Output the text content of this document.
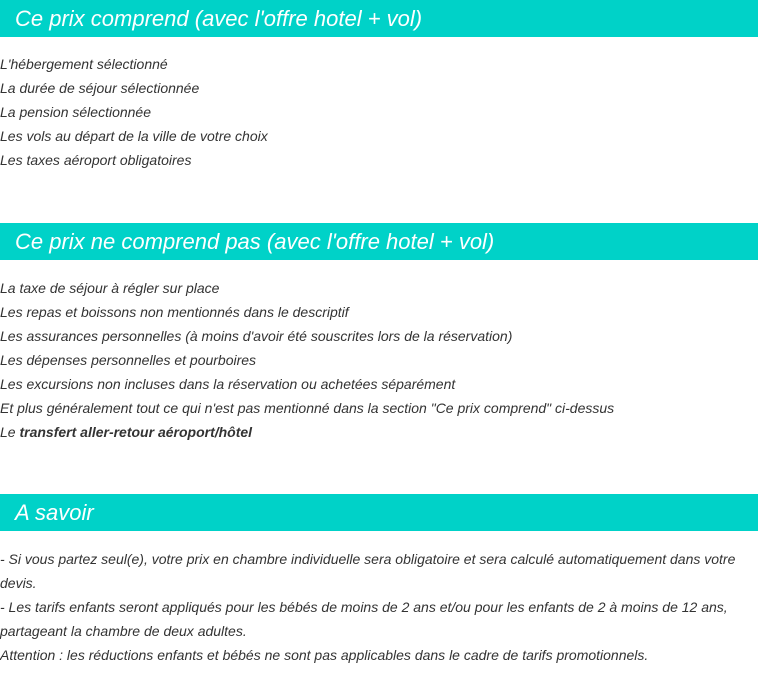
Ce prix comprend (avec l'offre hotel + vol)
L'hébergement sélectionné
La durée de séjour sélectionnée
La pension sélectionnée
Les vols au départ de la ville de votre choix
Les taxes aéroport obligatoires
Ce prix ne comprend pas (avec l'offre hotel + vol)
La taxe de séjour à régler sur place
Les repas et boissons non mentionnés dans le descriptif
Les assurances personnelles (à moins d'avoir été souscrites lors de la réservation)
Les dépenses personnelles et pourboires
Les excursions non incluses dans la réservation ou achetées séparément
Et plus généralement tout ce qui n'est pas mentionné dans la section "Ce prix comprend" ci-dessus
Le transfert aller-retour aéroport/hôtel
A savoir

- Si vous partez seul(e), votre prix en chambre individuelle sera obligatoire et sera calculé automatiquement dans votre devis.

- Les tarifs enfants seront appliqués pour les bébés de moins de 2 ans et/ou pour les enfants de 2 à moins de 12 ans, partageant la chambre de deux adultes.

Attention : les réductions enfants et bébés ne sont pas applicables dans le cadre de tarifs promotionnels.
